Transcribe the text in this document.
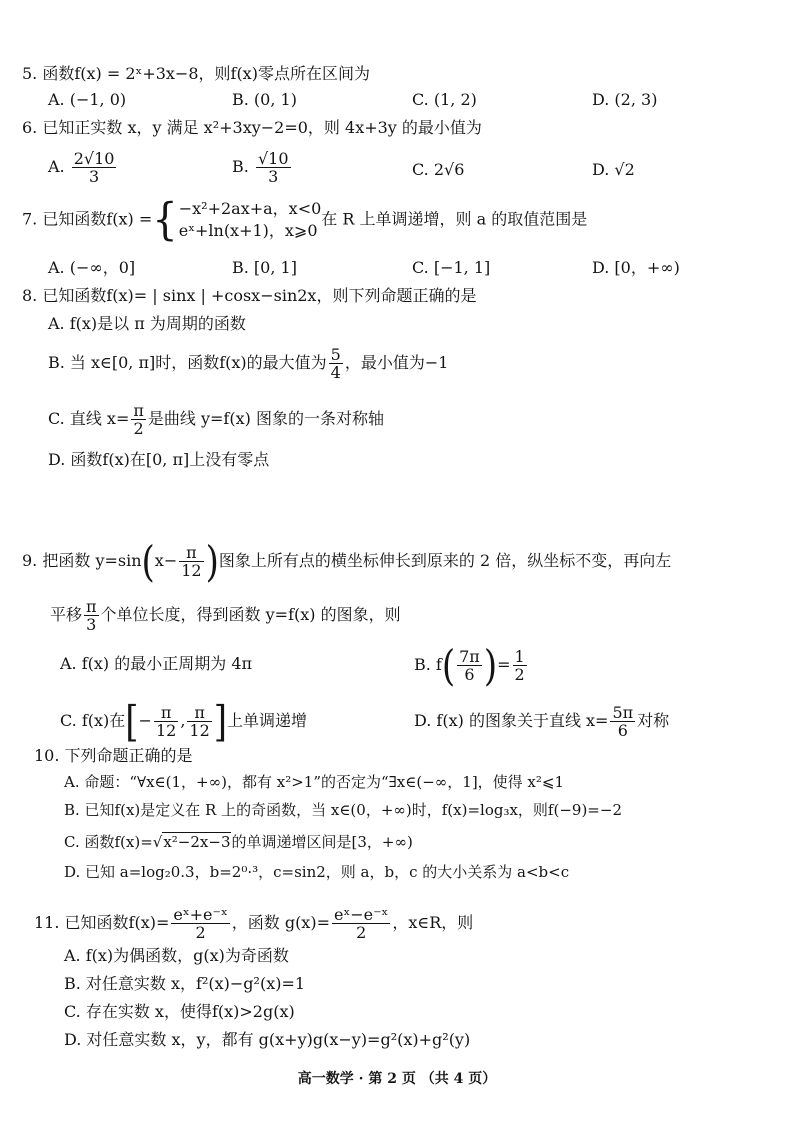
5. 函数f(x) = 2ˣ+3x−8，则f(x)零点所在区间为
A. (−1, 0)	B. (0, 1)	C. (1, 2)	D. (2, 3)
6. 已知正实数 x，y 满足 x²+3xy−2=0，则 4x+3y 的最小值为
A. $\frac{2√10}{3}$	B. $\frac{√10}{3}$	C. 2√6	D. √2
7. 已知函数f(x) ={ −x²+2ax+a，x<0
eˣ+ln(x+1)，x⩾0
在 R 上单调递增，则 a 的取值范围是
A. (−∞，0]	B. [0, 1]	C. [−1, 1]	D. [0，+∞)
8. 已知函数f(x)= | sinx | +cosx−sin2x，则下列命题正确的是
A. f(x)是以 π 为周期的函数
B. 当 x∈[0, π]时，函数f(x)的最大值为 $\frac{5}{4}$ ，最小值为−1
C. 直线 $x= \frac{\pi}{2}$ 是曲线 y=f(x) 图象的一条对称轴
D. 函数f(x)在[0, π]上没有零点
9. 把函数 $y=\sin(x- \frac{\pi}{12}$ )图象上所有点的横坐标伸长到原来的 2 倍，纵坐标不变，再向左
平移 $\frac{\pi}{3}$ 个单位长度，得到函数 y=f(x) 的图象，则
A. f(x) 的最小正周期为 4π	B. $f( \frac{7\pi}{6}$ )= $\frac{1}{2}$
C. f(x)在[− $\frac{\pi}{12}$ , $\frac{\pi}{12}$ ]上单调递增	D. f(x) 的图象关于直线 $x= \frac{5\pi}{6}$ 对称
10. 下列命题正确的是
A. 命题：“∀x∈(1，+∞)，都有 x²>1”的否定为“∃x∈(−∞，1]，使得 x²⩽1
B. 已知f(x)是定义在 R 上的奇函数，当 x∈(0，+∞)时，f(x)=log₃x，则f(−9)=−2
C. 函数f(x)=√x²−2x−3的单调递增区间是[3，+∞)
D. 已知 a=log₂0.3，b=2⁰·³，c=sin2，则 a，b，c 的大小关系为 a<b<c
11. 已知函数$f(x)= \frac{\text{eˣ+e⁻ˣ}}{2}$ ，函数 $g(x)= \frac{\text{eˣ−e⁻ˣ}}{2}$ ，x∈R，则
A. f(x)为偶函数，g(x)为奇函数
B. 对任意实数 x，f²(x)−g²(x)=1
C. 存在实数 x，使得f(x)>2g(x)
D. 对任意实数 x，y，都有 g(x+y)g(x−y)=g²(x)+g²(y)
高一数学 · 第 2 页 （共 4 页）
